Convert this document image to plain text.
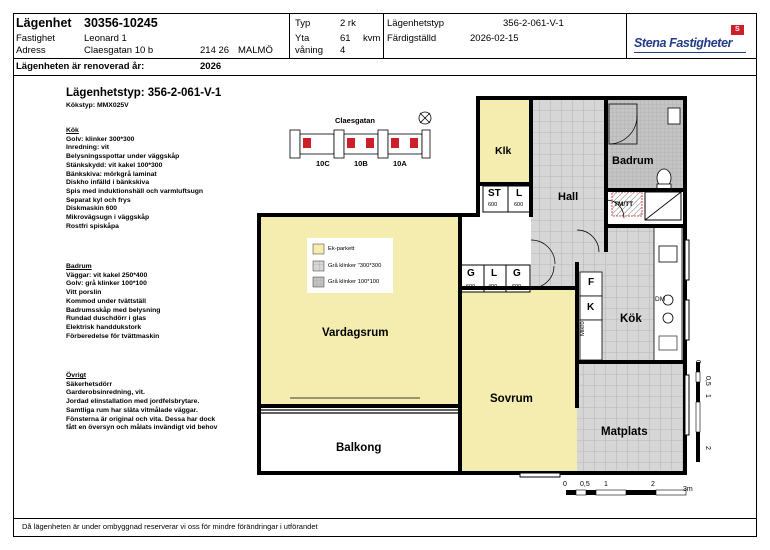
Lägenhet 30356-10245
Fastighet	Leonard 1
Adress	Claesgatan 10 b	214 26 MALMÖ
Lägenheten är renoverad år:	2026
Typ	2 rk
Yta	61 kvm
våning 4
Lägenhetstyp	356-2-061-V-1
Färdigställd	2026-02-15	Stena Fastigheter
S
Lägenhetstyp: 356-2-061-V-1
Kökstyp: MMX025V
Kök
Golv: klinker 300*300
Inredning: vit
Belysningsspottar under väggskåp
Stänkskydd: vit kakel 100*300
Bänkskiva: mörkgrå laminat
Diskho infälld i bänkskiva
Spis med induktionshäll och varmluftsugn
Separat kyl och frys
Diskmaskin 600
Mikrovägsugn i väggskåp
Rostfri spiskåpa
Badrum
Väggar: vit kakel 250*400
Golv: grå klinker 100*100
Vitt porslin
Kommod under tvättställ
Badrumsskåp med belysning
Rundad duschdörr i glas
Elektrisk handdukstork
Förberedelse för tvättmaskin
Övrigt
Säkerhetsdörr
Garderobsinredning, vit.
Jordad elinstallation med jordfelsbrytare.
Samtliga rum har släta vitmålade väggar.
Fönsterna är original och vita. Dessa har dock
fått en översyn och målats invändigt vid behov
Klk
Hall
Badrum
TM/TT
Vardagsrum
Sovrum
Balkong
Kök
Matplats
DM
ST
600
L
600
G
600
L
400
G
600	F
K
Mikro
Ek-parkett
Grå klinker "300*300
Grå klinker 100*100
Claesgatan
10C	10B	10A
0 0,5 1	2
3m
0
0,5
1
2
Då lägenheten är under ombyggnad reserverar vi oss för mindre förändringar i utförandet
